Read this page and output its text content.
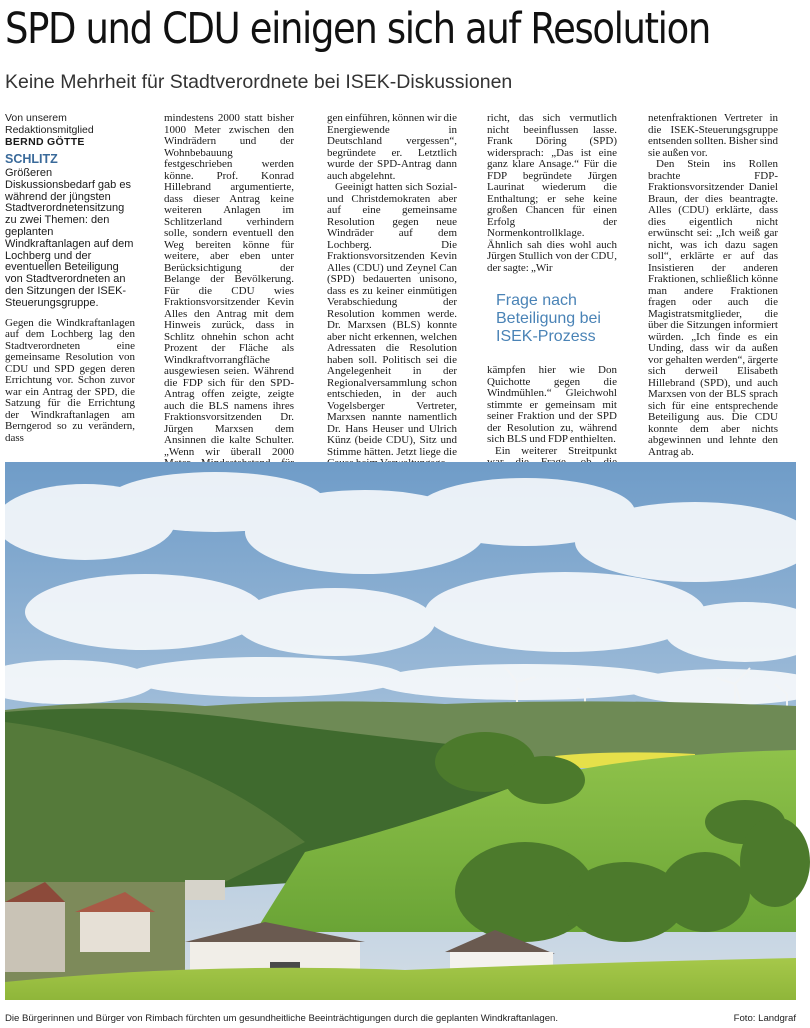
SPD und CDU einigen sich auf Resolution
Keine Mehrheit für Stadtverordnete bei ISEK-Diskussionen
Von unserem Redaktionsmitglied
BERND GÖTTE
SCHLITZ

Größeren Diskussionsbedarf gab es während der jüngsten Stadtverordnetensitzung zu zwei Themen: den geplanten Windkraftanlagen auf dem Lochberg und der eventuellen Beteiligung von Stadtverordneten an den Sitzungen der ISEK-Steuerungsgruppe.

Gegen die Windkraftanlagen auf dem Lochberg lag den Stadtverordneten eine gemeinsame Resolution von CDU und SPD gegen deren Errichtung vor. Schon zuvor war ein Antrag der SPD, die Satzung für die Errichtung der Windkraftanlagen am Berngerod so zu verändern, dass

mindestens 2000 statt bisher 1000 Meter zwischen den Windrädern und der Wohnbebauung festgeschrieben werden könne. Prof. Konrad Hillebrand argumentierte, dass dieser Antrag keine weiteren Anlagen im Schlitzerland verhindern solle, sondern eventuell den Weg bereiten könne für weitere, aber eben unter Berücksichtigung der Belange der Bevölkerung. Für die CDU wies Fraktionsvorsitzender Kevin Alles den Antrag mit dem Hinweis zurück, dass in Schlitz ohnehin schon acht Prozent der Fläche als Windkraftvorrangfläche ausgewiesen seien. Während die FDP sich für den SPD-Antrag offen zeigte, zeigte auch die BLS namens ihres Fraktionsvorsitzenden Dr. Jürgen Marxsen dem Ansinnen die kalte Schulter. „Wenn wir überall 2000

gen einführen, können wir die Energiewende in Deutschland vergessen“, begründete er. Letztlich wurde der SPD-Antrag dann auch abgelehnt.

Geeinigt hatten sich Sozial- und Christdemokraten aber auf eine gemeinsame Resolution gegen neue Windräder auf dem Lochberg. Die Fraktionsvorsitzenden Kevin Alles (CDU) und Zeynel Can (SPD) bedauerten unisono, dass es zu keiner einmütigen Verabschiedung der Resolution kommen werde. Dr. Marxsen (BLS) konnte aber nicht erkennen, welchen Adressaten die Resolution haben soll. Politisch sei die Angelegenheit in der Regionalversammlung schon entschieden, in der auch Vogelsberger Vertreter, Marxsen nannte namentlich Dr. Hans Heuser und Ulrich Künz (beide CDU), Sitz und Stimme hätten. Jetzt liege die

richt, das sich vermutlich nicht beeinflussen lasse. Frank Döring (SPD) widersprach: „Das ist eine ganz klare Ansage.“ Für die FDP begründete Jürgen Laurinat wiederum die Enthaltung; er sehe keine großen Chancen für einen Erfolg der Normenkontrollklage. Ähnlich sah dies wohl auch Jürgen Stullich von der CDU, der sagte: „Wir

Frage nach Beteiligung bei ISEK-Prozess

kämpfen hier wie Don Quichotte gegen die Windmühlen.“ Gleichwohl stimmte er gemeinsam mit seiner Fraktion und der SPD der Resolution zu, während sich BLS und FDP enthielten.

Ein weiterer Streitpunkt

netenfraktionen Vertreter in die ISEK-Steuerungsgruppe entsenden sollten. Bisher sind sie außen vor.

Den Stein ins Rollen brachte FDP-Fraktionsvorsitzender Daniel Braun, der dies beantragte. Alles (CDU) erklärte, dass dies eigentlich nicht erwünscht sei: „Ich weiß gar nicht, was ich dazu sagen soll“, erklärte er auf das Insistieren der anderen Fraktionen, schließlich könne man andere Fraktionen fragen oder auch die Magistratsmitglieder, die über die Sitzungen informiert würden. „Ich finde es ein Unding, dass wir da außen vor gehalten werden“, ärgerte sich derweil Elisabeth Hillebrand (SPD), und auch Marxsen von der BLS sprach sich für eine entsprechende Beteiligung aus. Die CDU konnte dem aber nichts abgewinnen und lehnte den Antrag ab.

Die Bürgerinnen und Bürger von Rimbach fürchten um gesundheitliche Beeinträchtigungen durch die geplanten Windkraftanlagen.	Foto: Landgraf
